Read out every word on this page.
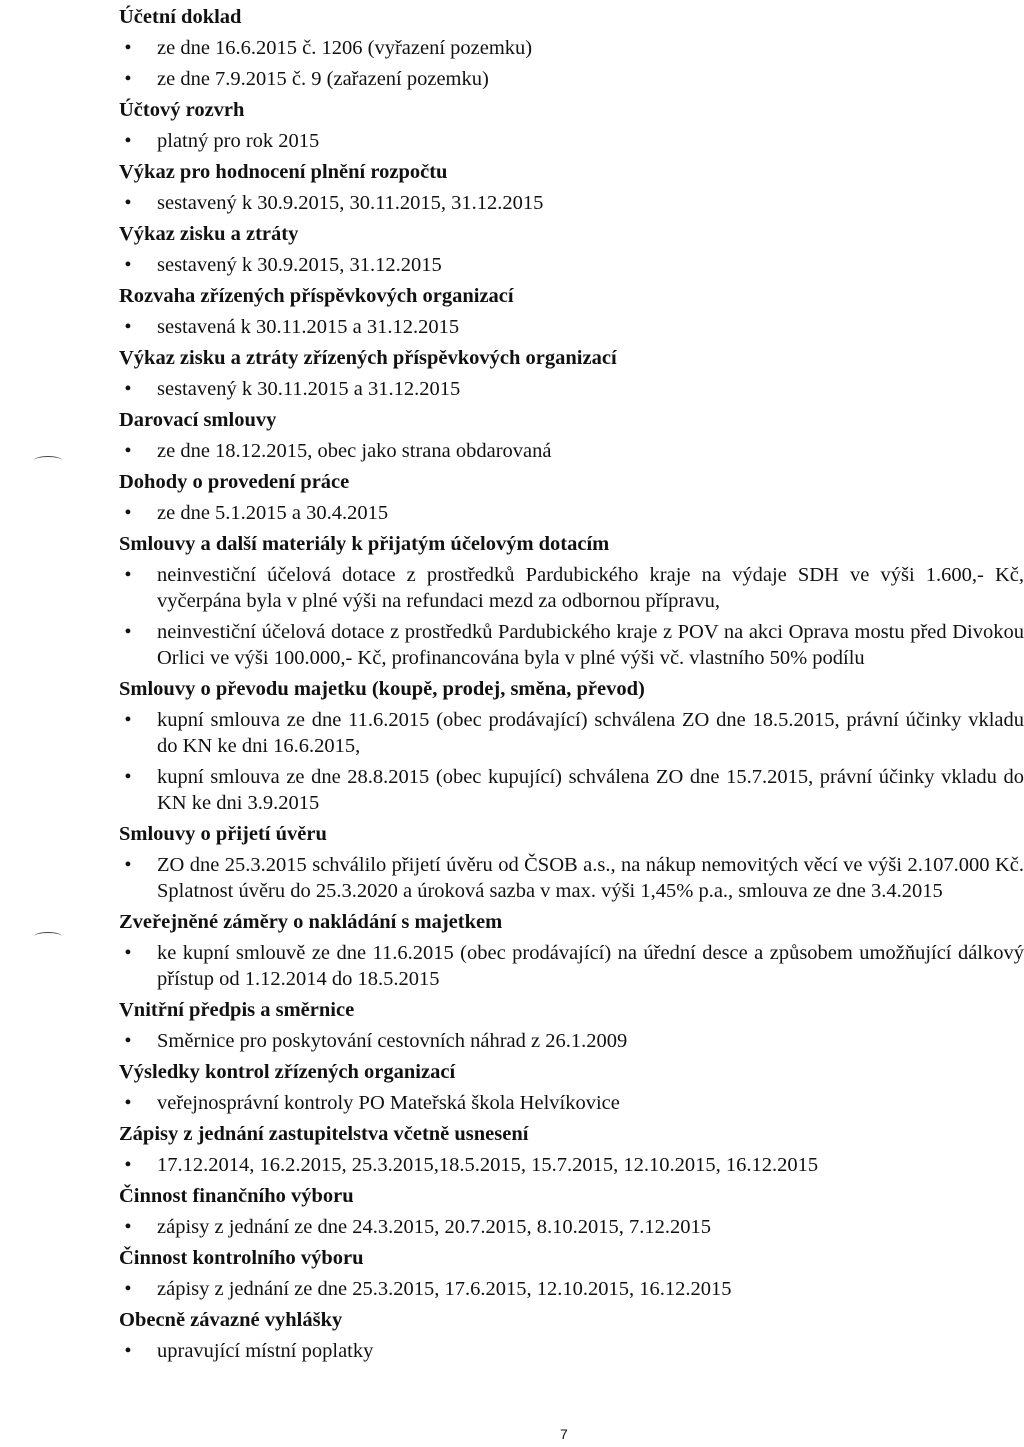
Účetní doklad
• ze dne 16.6.2015 č. 1206 (vyřazení pozemku)
• ze dne 7.9.2015 č. 9 (zařazení pozemku)
Účtový rozvrh
• platný pro rok 2015
Výkaz pro hodnocení plnění rozpočtu
• sestavený k 30.9.2015, 30.11.2015, 31.12.2015
Výkaz zisku a ztráty
• sestavený k 30.9.2015, 31.12.2015
Rozvaha zřízených příspěvkových organizací
• sestavená k 30.11.2015 a 31.12.2015
Výkaz zisku a ztráty zřízených příspěvkových organizací
• sestavený k 30.11.2015 a 31.12.2015
Darovací smlouvy
• ze dne 18.12.2015, obec jako strana obdarovaná
Dohody o provedení práce
• ze dne 5.1.2015 a 30.4.2015
Smlouvy a další materiály k přijatým účelovým dotacím
• neinvestiční účelová dotace z prostředků Pardubického kraje na výdaje SDH ve výši 1.600,- Kč, vyčerpána byla v plné výši na refundaci mezd za odbornou přípravu,
• neinvestiční účelová dotace z prostředků Pardubického kraje z POV na akci Oprava mostu před Divokou Orlici ve výši 100.000,- Kč, profinancována byla v plné výši vč. vlastního 50% podílu
Smlouvy o převodu majetku (koupě, prodej, směna, převod)
• kupní smlouva ze dne 11.6.2015 (obec prodávající) schválena ZO dne 18.5.2015, právní účinky vkladu do KN ke dni 16.6.2015,
• kupní smlouva ze dne 28.8.2015 (obec kupující) schválena ZO dne 15.7.2015, právní účinky vkladu do KN ke dni 3.9.2015
Smlouvy o přijetí úvěru
• ZO dne 25.3.2015 schválilo přijetí úvěru od ČSOB a.s., na nákup nemovitých věcí ve výši 2.107.000 Kč. Splatnost úvěru do 25.3.2020 a úroková sazba v max. výši 1,45% p.a., smlouva ze dne 3.4.2015
Zveřejněné záměry o nakládání s majetkem
• ke kupní smlouvě ze dne 11.6.2015 (obec prodávající) na úřední desce a způsobem umožňující dálkový přístup od 1.12.2014 do 18.5.2015
Vnitřní předpis a směrnice
• Směrnice pro poskytování cestovních náhrad z 26.1.2009
Výsledky kontrol zřízených organizací
• veřejnosprávní kontroly PO Mateřská škola Helvíkovice
Zápisy z jednání zastupitelstva včetně usnesení
• 17.12.2014, 16.2.2015, 25.3.2015,18.5.2015, 15.7.2015, 12.10.2015, 16.12.2015
Činnost finančního výboru
• zápisy z jednání ze dne 24.3.2015, 20.7.2015, 8.10.2015, 7.12.2015
Činnost kontrolního výboru
• zápisy z jednání ze dne 25.3.2015, 17.6.2015, 12.10.2015, 16.12.2015
Obecně závazné vyhlášky
• upravující místní poplatky
7
